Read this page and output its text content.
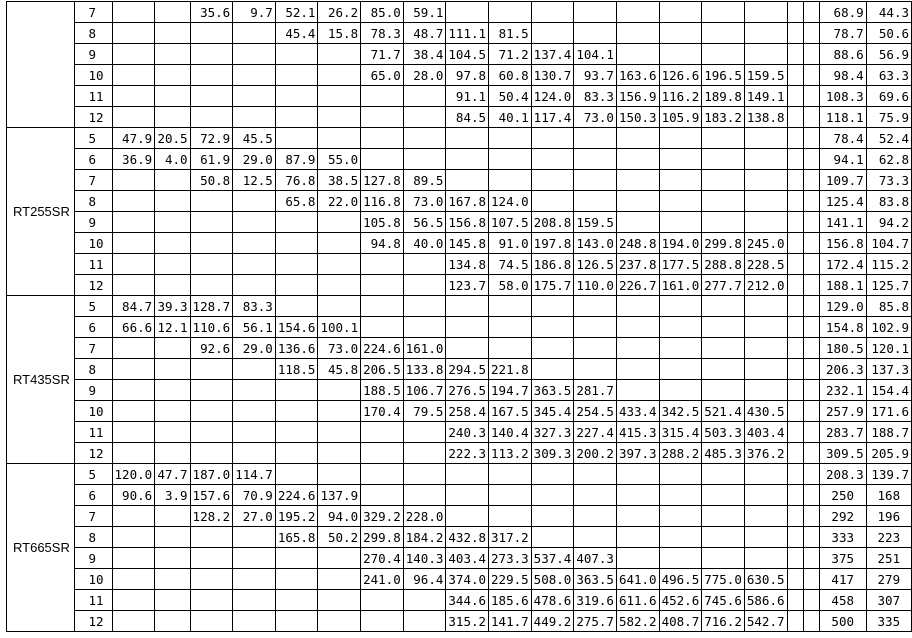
	7			35.6	9.7	52.1	26.2	85.0	59.1											68.9	44.3
	8					45.4	15.8	78.3	48.7	111.1	81.5									78.7	50.6
	9							71.7	38.4	104.5	71.2	137.4	104.1							88.6	56.9
	10							65.0	28.0	97.8	60.8	130.7	93.7	163.6	126.6	196.5	159.5			98.4	63.3
	11									91.1	50.4	124.0	83.3	156.9	116.2	189.8	149.1			108.3	69.6
	12									84.5	40.1	117.4	73.0	150.3	105.9	183.2	138.8			118.1	75.9
RT255SR	5	47.9	20.5	72.9	45.5															78.4	52.4
	6	36.9	4.0	61.9	29.0	87.9	55.0													94.1	62.8
	7			50.8	12.5	76.8	38.5	127.8	89.5											109.7	73.3
	8					65.8	22.0	116.8	73.0	167.8	124.0									125.4	83.8
	9							105.8	56.5	156.8	107.5	208.8	159.5							141.1	94.2
	10							94.8	40.0	145.8	91.0	197.8	143.0	248.8	194.0	299.8	245.0			156.8	104.7
	11									134.8	74.5	186.8	126.5	237.8	177.5	288.8	228.5			172.4	115.2
	12									123.7	58.0	175.7	110.0	226.7	161.0	277.7	212.0			188.1	125.7
RT435SR	5	84.7	39.3	128.7	83.3															129.0	85.8
	6	66.6	12.1	110.6	56.1	154.6	100.1													154.8	102.9
	7			92.6	29.0	136.6	73.0	224.6	161.0											180.5	120.1
	8					118.5	45.8	206.5	133.8	294.5	221.8									206.3	137.3
	9							188.5	106.7	276.5	194.7	363.5	281.7							232.1	154.4
	10							170.4	79.5	258.4	167.5	345.4	254.5	433.4	342.5	521.4	430.5			257.9	171.6
	11									240.3	140.4	327.3	227.4	415.3	315.4	503.3	403.4			283.7	188.7
	12									222.3	113.2	309.3	200.2	397.3	288.2	485.3	376.2			309.5	205.9
RT665SR	5	120.0	47.7	187.0	114.7															208.3	139.7
	6	90.6	3.9	157.6	70.9	224.6	137.9													250	168
	7			128.2	27.0	195.2	94.0	329.2	228.0											292	196
	8					165.8	50.2	299.8	184.2	432.8	317.2									333	223
	9							270.4	140.3	403.4	273.3	537.4	407.3							375	251
	10							241.0	96.4	374.0	229.5	508.0	363.5	641.0	496.5	775.0	630.5			417	279
	11									344.6	185.6	478.6	319.6	611.6	452.6	745.6	586.6			458	307
	12									315.2	141.7	449.2	275.7	582.2	408.7	716.2	542.7			500	335
